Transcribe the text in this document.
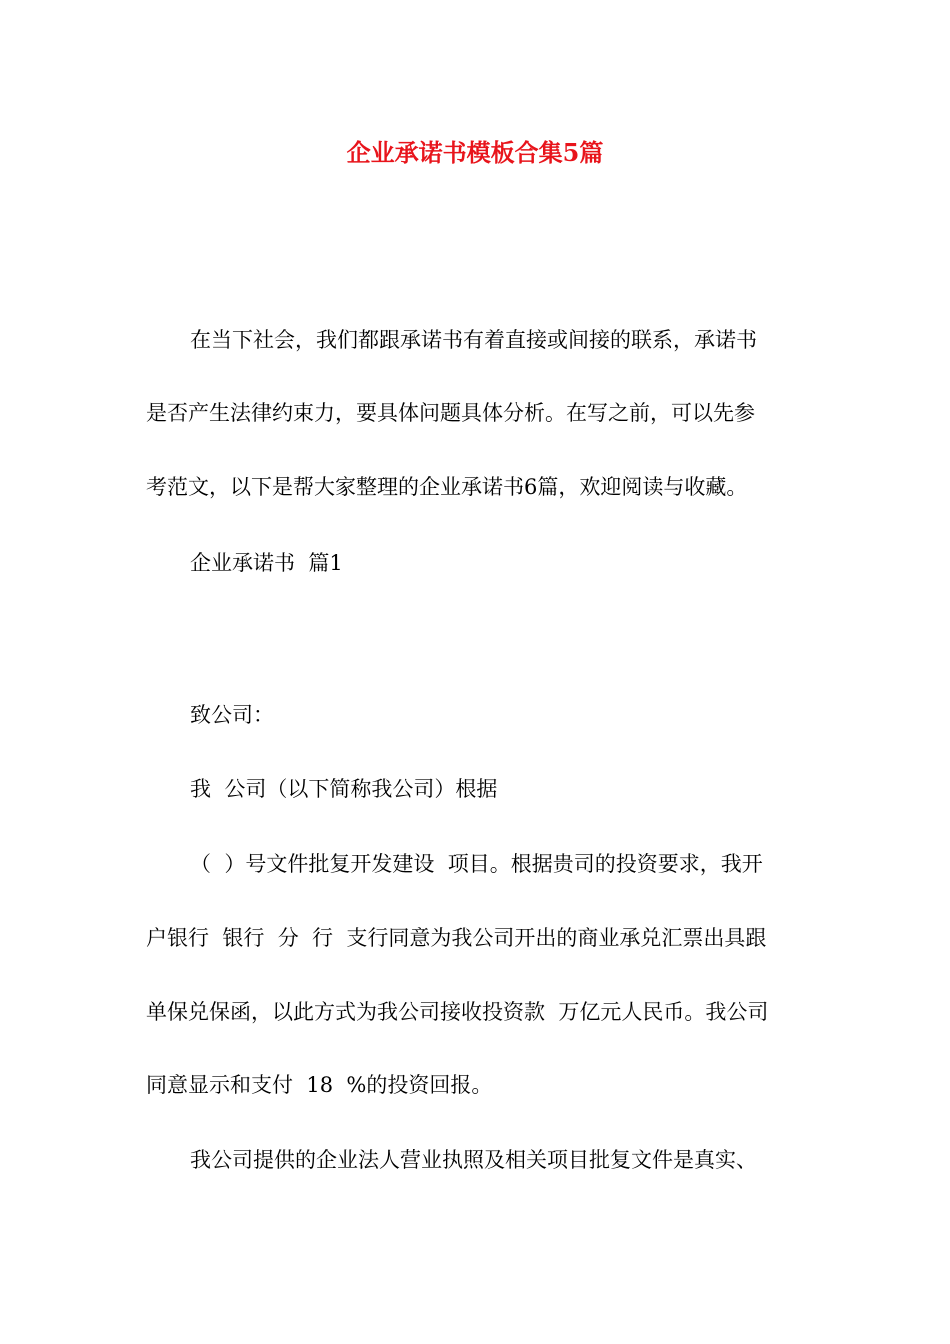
企业承诺书模板合集5篇
在当下社会，我们都跟承诺书有着直接或间接的联系，承诺书
是否产生法律约束力，要具体问题具体分析。在写之前，可以先参
考范文，以下是帮大家整理的企业承诺书6篇，欢迎阅读与收藏。
企业承诺书  篇1
致公司：
我  公司（以下简称我公司）根据
（  ）号文件批复开发建设  项目。根据贵司的投资要求，我开
户银行  银行  分  行  支行同意为我公司开出的商业承兑汇票出具跟
单保兑保函，以此方式为我公司接收投资款  万亿元人民币。我公司
同意显示和支付  18  %的投资回报。
我公司提供的企业法人营业执照及相关项目批复文件是真实、
